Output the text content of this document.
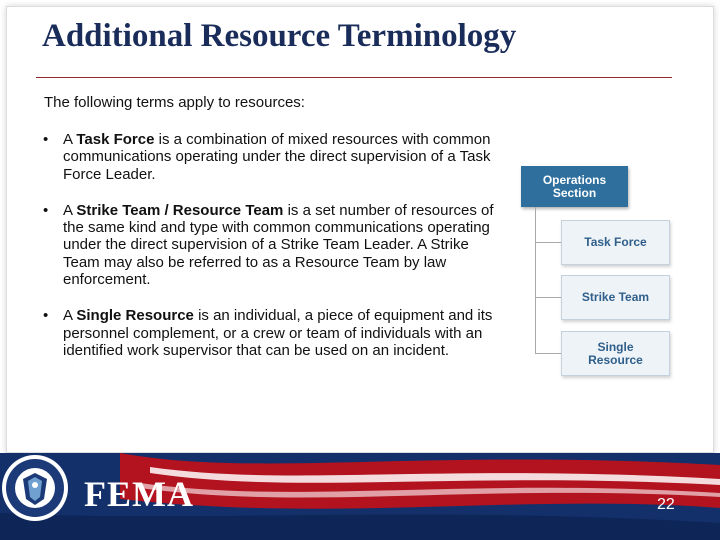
Additional Resource Terminology

The following terms apply to resources:

• A Task Force is a combination of mixed resources with common communications operating under the direct supervision of a Task Force Leader.
• A Strike Team / Resource Team is a set number of resources of the same kind and type with common communications operating under the direct supervision of a Strike Team Leader. A Strike Team may also be referred to as a Resource Team by law enforcement.
• A Single Resource is an individual, a piece of equipment and its personnel complement, or a crew or team of individuals with an identified work supervisor that can be used on an incident.
Operations Section
Task Force
Strike Team
Single Resource
FEMA	22
